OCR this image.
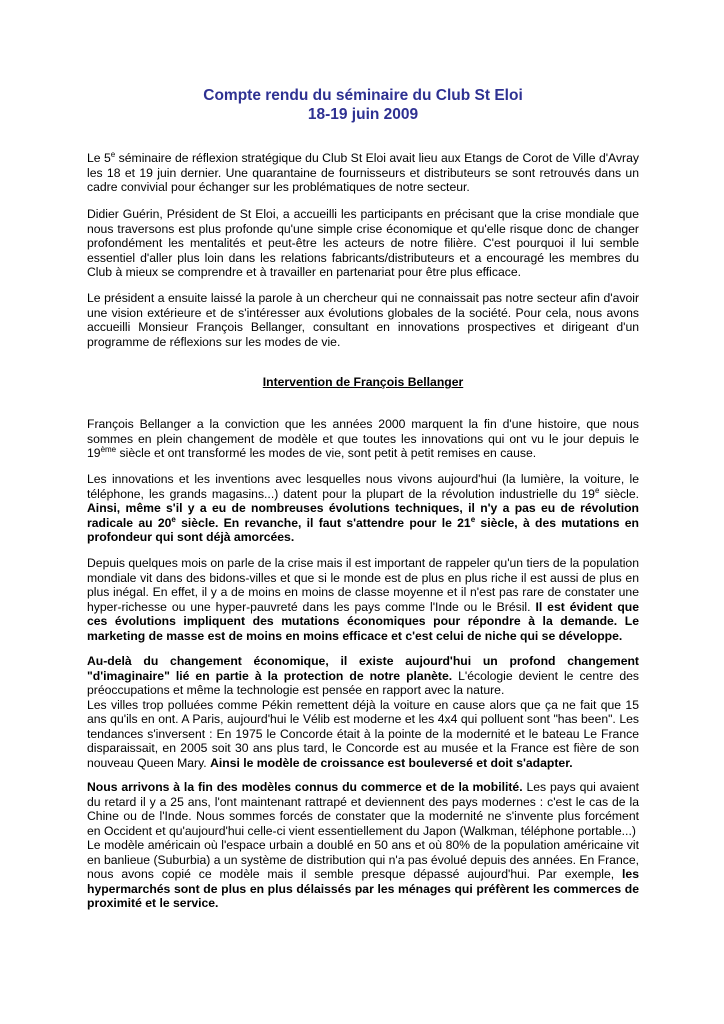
Compte rendu du séminaire du Club St Eloi
18-19 juin 2009

Le 5e séminaire de réflexion stratégique du Club St Eloi avait lieu aux Etangs de Corot de Ville d'Avray les 18 et 19 juin dernier. Une quarantaine de fournisseurs et distributeurs se sont retrouvés dans un cadre convivial pour échanger sur les problématiques de notre secteur.

Didier Guérin, Président de St Eloi, a accueilli les participants en précisant que la crise mondiale que nous traversons est plus profonde qu'une simple crise économique et qu'elle risque donc de changer profondément les mentalités et peut-être les acteurs de notre filière. C'est pourquoi il lui semble essentiel d'aller plus loin dans les relations fabricants/distributeurs et a encouragé les membres du Club à mieux se comprendre et à travailler en partenariat pour être plus efficace.

Le président a ensuite laissé la parole à un chercheur qui ne connaissait pas notre secteur afin d'avoir une vision extérieure et de s'intéresser aux évolutions globales de la société. Pour cela, nous avons accueilli Monsieur François Bellanger, consultant en innovations prospectives et dirigeant d'un programme de réflexions sur les modes de vie.

Intervention de François Bellanger

François Bellanger a la conviction que les années 2000 marquent la fin d'une histoire, que nous sommes en plein changement de modèle et que toutes les innovations qui ont vu le jour depuis le 19ème siècle et ont transformé les modes de vie, sont petit à petit remises en cause.

Les innovations et les inventions avec lesquelles nous vivons aujourd'hui (la lumière, la voiture, le téléphone, les grands magasins...) datent pour la plupart de la révolution industrielle du 19e siècle. Ainsi, même s'il y a eu de nombreuses évolutions techniques, il n'y a pas eu de révolution radicale au 20e siècle. En revanche, il faut s'attendre pour le 21e siècle, à des mutations en profondeur qui sont déjà amorcées.

Depuis quelques mois on parle de la crise mais il est important de rappeler qu'un tiers de la population mondiale vit dans des bidons-villes et que si le monde est de plus en plus riche il est aussi de plus en plus inégal. En effet, il y a de moins en moins de classe moyenne et il n'est pas rare de constater une hyper-richesse ou une hyper-pauvreté dans les pays comme l'Inde ou le Brésil. Il est évident que ces évolutions impliquent des mutations économiques pour répondre à la demande. Le marketing de masse est de moins en moins efficace et c'est celui de niche qui se développe.

Au-delà du changement économique, il existe aujourd'hui un profond changement "d'imaginaire" lié en partie à la protection de notre planète. L'écologie devient le centre des préoccupations et même la technologie est pensée en rapport avec la nature.
Les villes trop polluées comme Pékin remettent déjà la voiture en cause alors que ça ne fait que 15 ans qu'ils en ont. A Paris, aujourd'hui le Vélib est moderne et les 4x4 qui polluent sont "has been". Les tendances s'inversent : En 1975 le Concorde était à la pointe de la modernité et le bateau Le France disparaissait, en 2005 soit 30 ans plus tard, le Concorde est au musée et la France est fière de son nouveau Queen Mary. Ainsi le modèle de croissance est bouleversé et doit s'adapter.

Nous arrivons à la fin des modèles connus du commerce et de la mobilité. Les pays qui avaient du retard il y a 25 ans, l'ont maintenant rattrapé et deviennent des pays modernes : c'est le cas de la Chine ou de l'Inde. Nous sommes forcés de constater que la modernité ne s'invente plus forcément en Occident et qu'aujourd'hui celle-ci vient essentiellement du Japon (Walkman, téléphone portable...)
Le modèle américain où l'espace urbain a doublé en 50 ans et où 80% de la population américaine vit en banlieue (Suburbia) a un système de distribution qui n'a pas évolué depuis des années. En France, nous avons copié ce modèle mais il semble presque dépassé aujourd'hui. Par exemple, les hypermarchés sont de plus en plus délaissés par les ménages qui préfèrent les commerces de proximité et le service.
